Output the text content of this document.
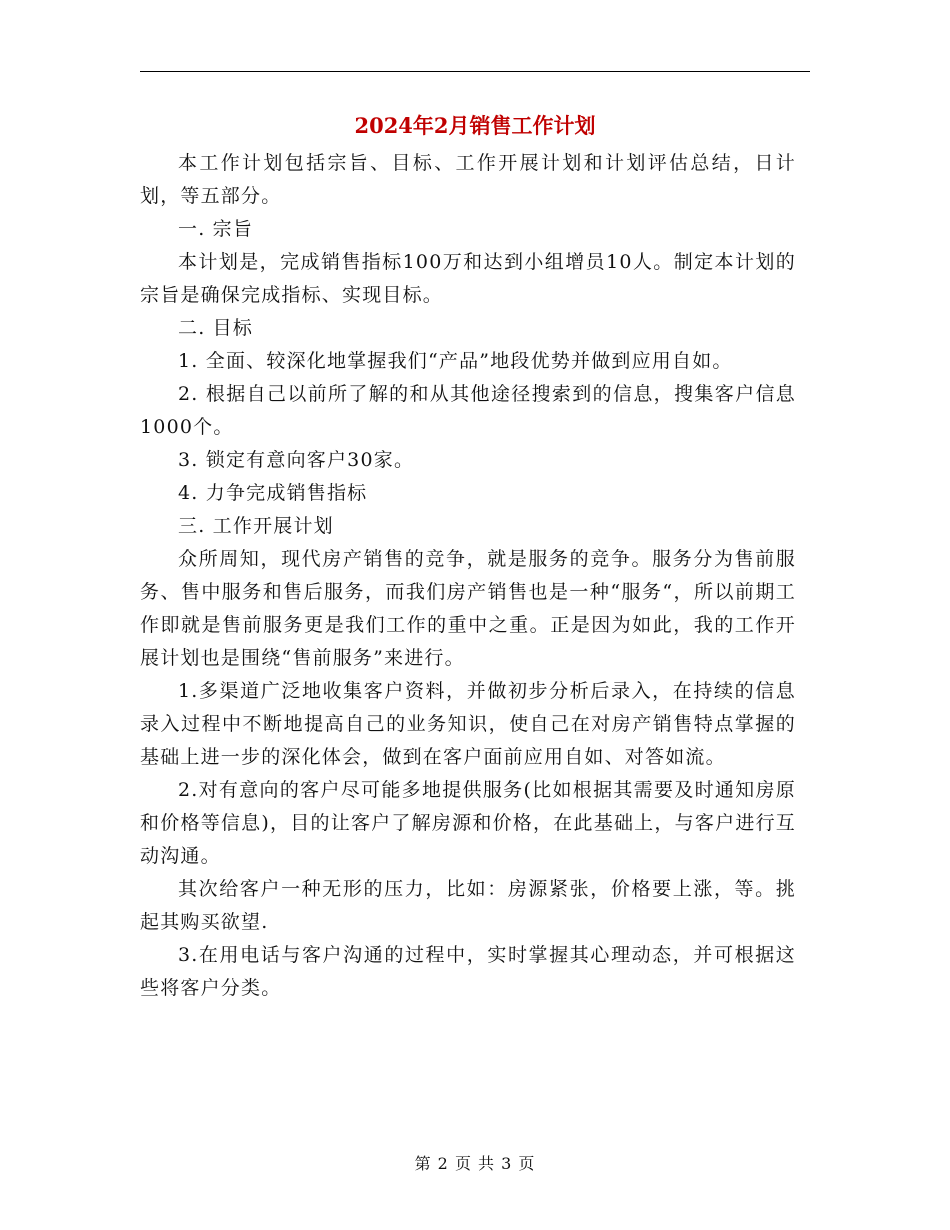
2024年2月销售工作计划

本工作计划包括宗旨、目标、工作开展计划和计划评估总结，日计划，等五部分。

一. 宗旨

本计划是，完成销售指标100万和达到小组增员10人。制定本计划的宗旨是确保完成指标、实现目标。

二. 目标

1. 全面、较深化地掌握我们“产品”地段优势并做到应用自如。

2. 根据自己以前所了解的和从其他途径搜索到的信息，搜集客户信息1000个。

3. 锁定有意向客户30家。

4. 力争完成销售指标

三. 工作开展计划

众所周知，现代房产销售的竞争，就是服务的竞争。服务分为售前服务、售中服务和售后服务，而我们房产销售也是一种“服务“，所以前期工作即就是售前服务更是我们工作的重中之重。正是因为如此，我的工作开展计划也是围绕“售前服务”来进行。

1.多渠道广泛地收集客户资料，并做初步分析后录入，在持续的信息录入过程中不断地提高自己的业务知识，使自己在对房产销售特点掌握的基础上进一步的深化体会，做到在客户面前应用自如、对答如流。

2.对有意向的客户尽可能多地提供服务(比如根据其需要及时通知房原和价格等信息)，目的让客户了解房源和价格，在此基础上，与客户进行互动沟通。

其次给客户一种无形的压力，比如：房源紧张，价格要上涨，等。挑起其购买欲望.

3.在用电话与客户沟通的过程中，实时掌握其心理动态，并可根据这些将客户分类。

第 2 页 共 3 页
